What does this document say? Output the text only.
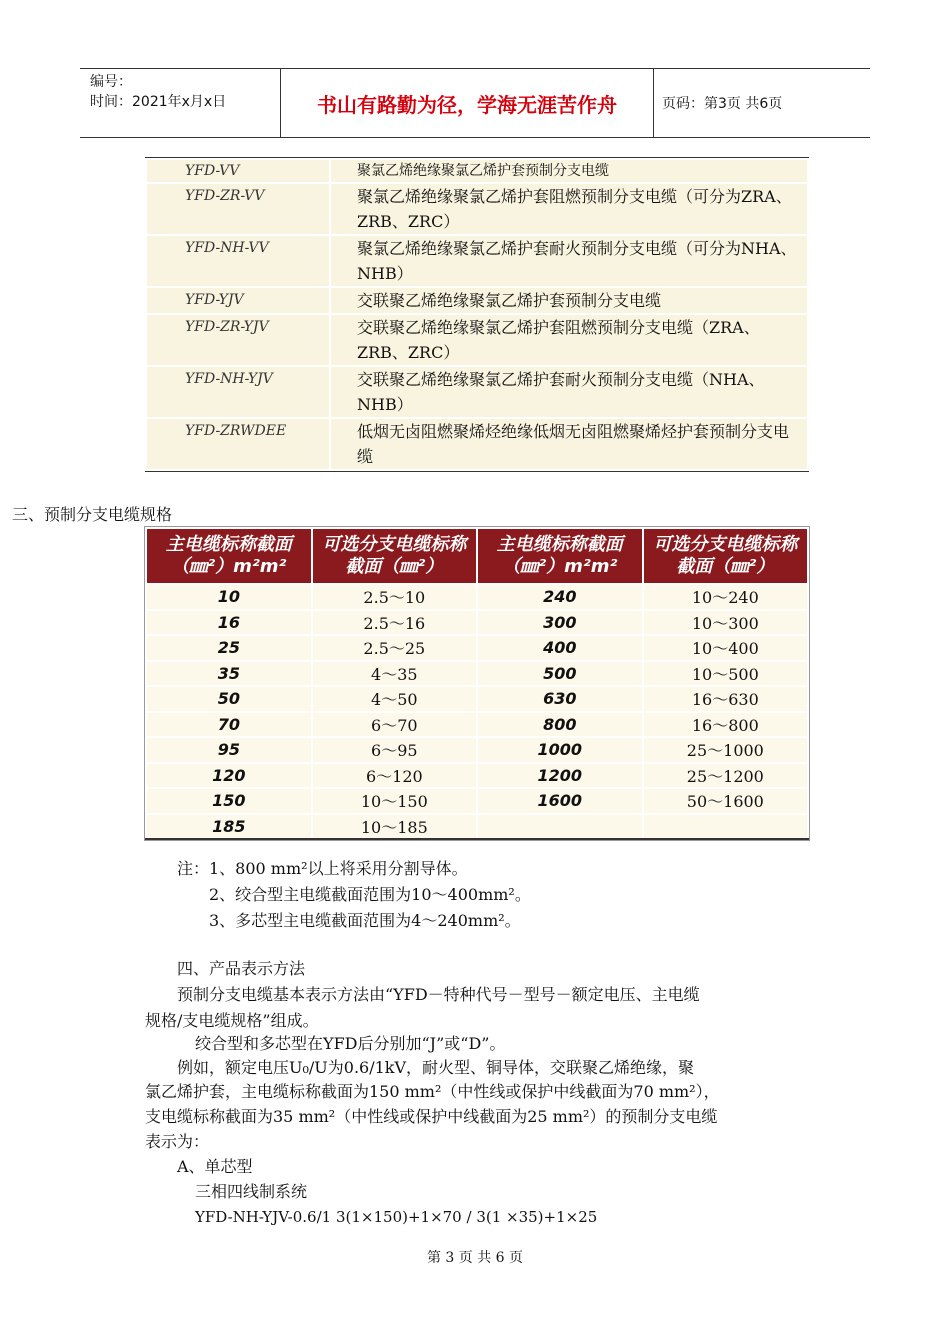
编号：
时间：2021年x月x日	书山有路勤为径，学海无涯苦作舟	页码：第3页 共6页
YFD-VV	聚氯乙烯绝缘聚氯乙烯护套预制分支电缆
YFD-ZR-VV	聚氯乙烯绝缘聚氯乙烯护套阻燃预制分支电缆（可分为ZRA、ZRB、ZRC）
YFD-NH-VV	聚氯乙烯绝缘聚氯乙烯护套耐火预制分支电缆（可分为NHA、NHB）
YFD-YJV	交联聚乙烯绝缘聚氯乙烯护套预制分支电缆
YFD-ZR-YJV	交联聚乙烯绝缘聚氯乙烯护套阻燃预制分支电缆（ZRA、ZRB、ZRC）
YFD-NH-YJV	交联聚乙烯绝缘聚氯乙烯护套耐火预制分支电缆（NHA、NHB）
YFD-ZRWDEE	低烟无卤阻燃聚烯烃绝缘低烟无卤阻燃聚烯烃护套预制分支电缆
三、预制分支电缆规格
主电缆标称截面（㎜²）m²m²	可选分支电缆标称截面（㎜²）	主电缆标称截面（㎜²）m²m²	可选分支电缆标称截面（㎜²）
10	2.5～10	240	10～240
16	2.5～16	300	10～300
25	2.5～25	400	10～400
35	4～35	500	10～500
50	4～50	630	16～630
70	6～70	800	16～800
95	6～95	1000	25～1000
120	6～120	1200	25～1200
150	10～150	1600	50～1600
185	10～185		
注：1、800 mm²以上将采用分割导体。
2、绞合型主电缆截面范围为10～400mm²。
3、多芯型主电缆截面范围为4～240mm²。
四、产品表示方法
预制分支电缆基本表示方法由“YFD－特种代号－型号－额定电压、主电缆
规格/支电缆规格”组成。
绞合型和多芯型在YFD后分别加“J”或“D”。
例如，额定电压U₀/U为0.6/1kV，耐火型、铜导体，交联聚乙烯绝缘，聚
氯乙烯护套，主电缆标称截面为150 mm²（中性线或保护中线截面为70 mm²），
支电缆标称截面为35 mm²（中性线或保护中线截面为25 mm²）的预制分支电缆
表示为：
A、单芯型
三相四线制系统
YFD-NH-YJV-0.6/1 3(1×150)+1×70 / 3(1 ×35)+1×25
第 3 页 共 6 页
